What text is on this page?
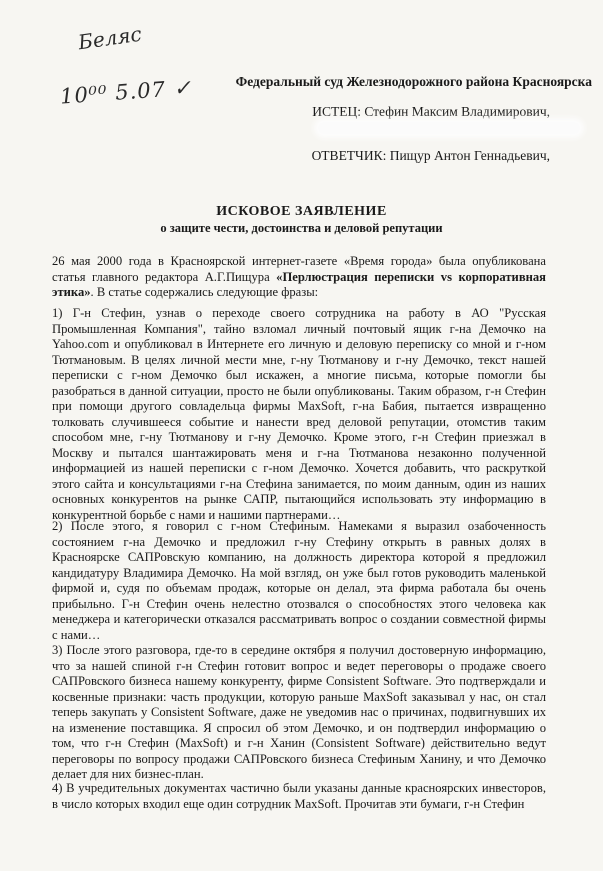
Беляс
10⁰⁰ 5.07 ✓	Федеральный суд Железнодорожного района Красноярска
ИСТЕЦ: Стефин Максим Владимирович,
ОТВЕТЧИК: Пищур Антон Геннадьевич,
ИСКОВОЕ ЗАЯВЛЕНИЕ
о защите чести, достоинства и деловой репутации
26 мая 2000 года в Красноярской интернет-газете «Время города» была опубликована статья главного редактора А.Г.Пищура «Перлюстрация переписки vs корпоративная этика». В статье содержались следующие фразы:
1) Г-н Стефин, узнав о переходе своего сотрудника на работу в АО "Русская Промышленная Компания", тайно взломал личный почтовый ящик г-на Демочко на Yahoo.com и опубликовал в Интернете его личную и деловую переписку со мной и г-ном Тютмановым. В целях личной мести мне, г-ну Тютманову и г-ну Демочко, текст нашей переписки с г-ном Демочко был искажен, а многие письма, которые помогли бы разобраться в данной ситуации, просто не были опубликованы. Таким образом, г-н Стефин при помощи другого совладельца фирмы MaxSoft, г-на Бабия, пытается извращенно толковать случившееся событие и нанести вред деловой репутации, отомстив таким способом мне, г-ну Тютманову и г-ну Демочко. Кроме этого, г-н Стефин приезжал в Москву и пытался шантажировать меня и г-на Тютманова незаконно полученной информацией из нашей переписки с г-ном Демочко. Хочется добавить, что раскруткой этого сайта и консультациями г-на Стефина занимается, по моим данным, один из наших основных конкурентов на рынке САПР, пытающийся использовать эту информацию в конкурентной борьбе с нами и нашими партнерами…
2) После этого, я говорил с г-ном Стефиным. Намеками я выразил озабоченность состоянием г-на Демочко и предложил г-ну Стефину открыть в равных долях в Красноярске САПРовскую компанию, на должность директора которой я предложил кандидатуру Владимира Демочко. На мой взгляд, он уже был готов руководить маленькой фирмой и, судя по объемам продаж, которые он делал, эта фирма работала бы очень прибыльно. Г-н Стефин очень нелестно отозвался о способностях этого человека как менеджера и категорически отказался рассматривать вопрос о создании совместной фирмы с нами…
3) После этого разговора, где-то в середине октября я получил достоверную информацию, что за нашей спиной г-н Стефин готовит вопрос и ведет переговоры о продаже своего САПРовского бизнеса нашему конкуренту, фирме Consistent Software. Это подтверждали и косвенные признаки: часть продукции, которую раньше MaxSoft заказывал у нас, он стал теперь закупать у Consistent Software, даже не уведомив нас о причинах, подвигнувших их на изменение поставщика. Я спросил об этом Демочко, и он подтвердил информацию о том, что г-н Стефин (MaxSoft) и г-н Ханин (Consistent Software) действительно ведут переговоры по вопросу продажи САПРовского бизнеса Стефиным Ханину, и что Демочко делает для них бизнес-план.
4) В учредительных документах частично были указаны данные красноярских инвесторов, в число которых входил еще один сотрудник MaxSoft. Прочитав эти бумаги, г-н Стефин
